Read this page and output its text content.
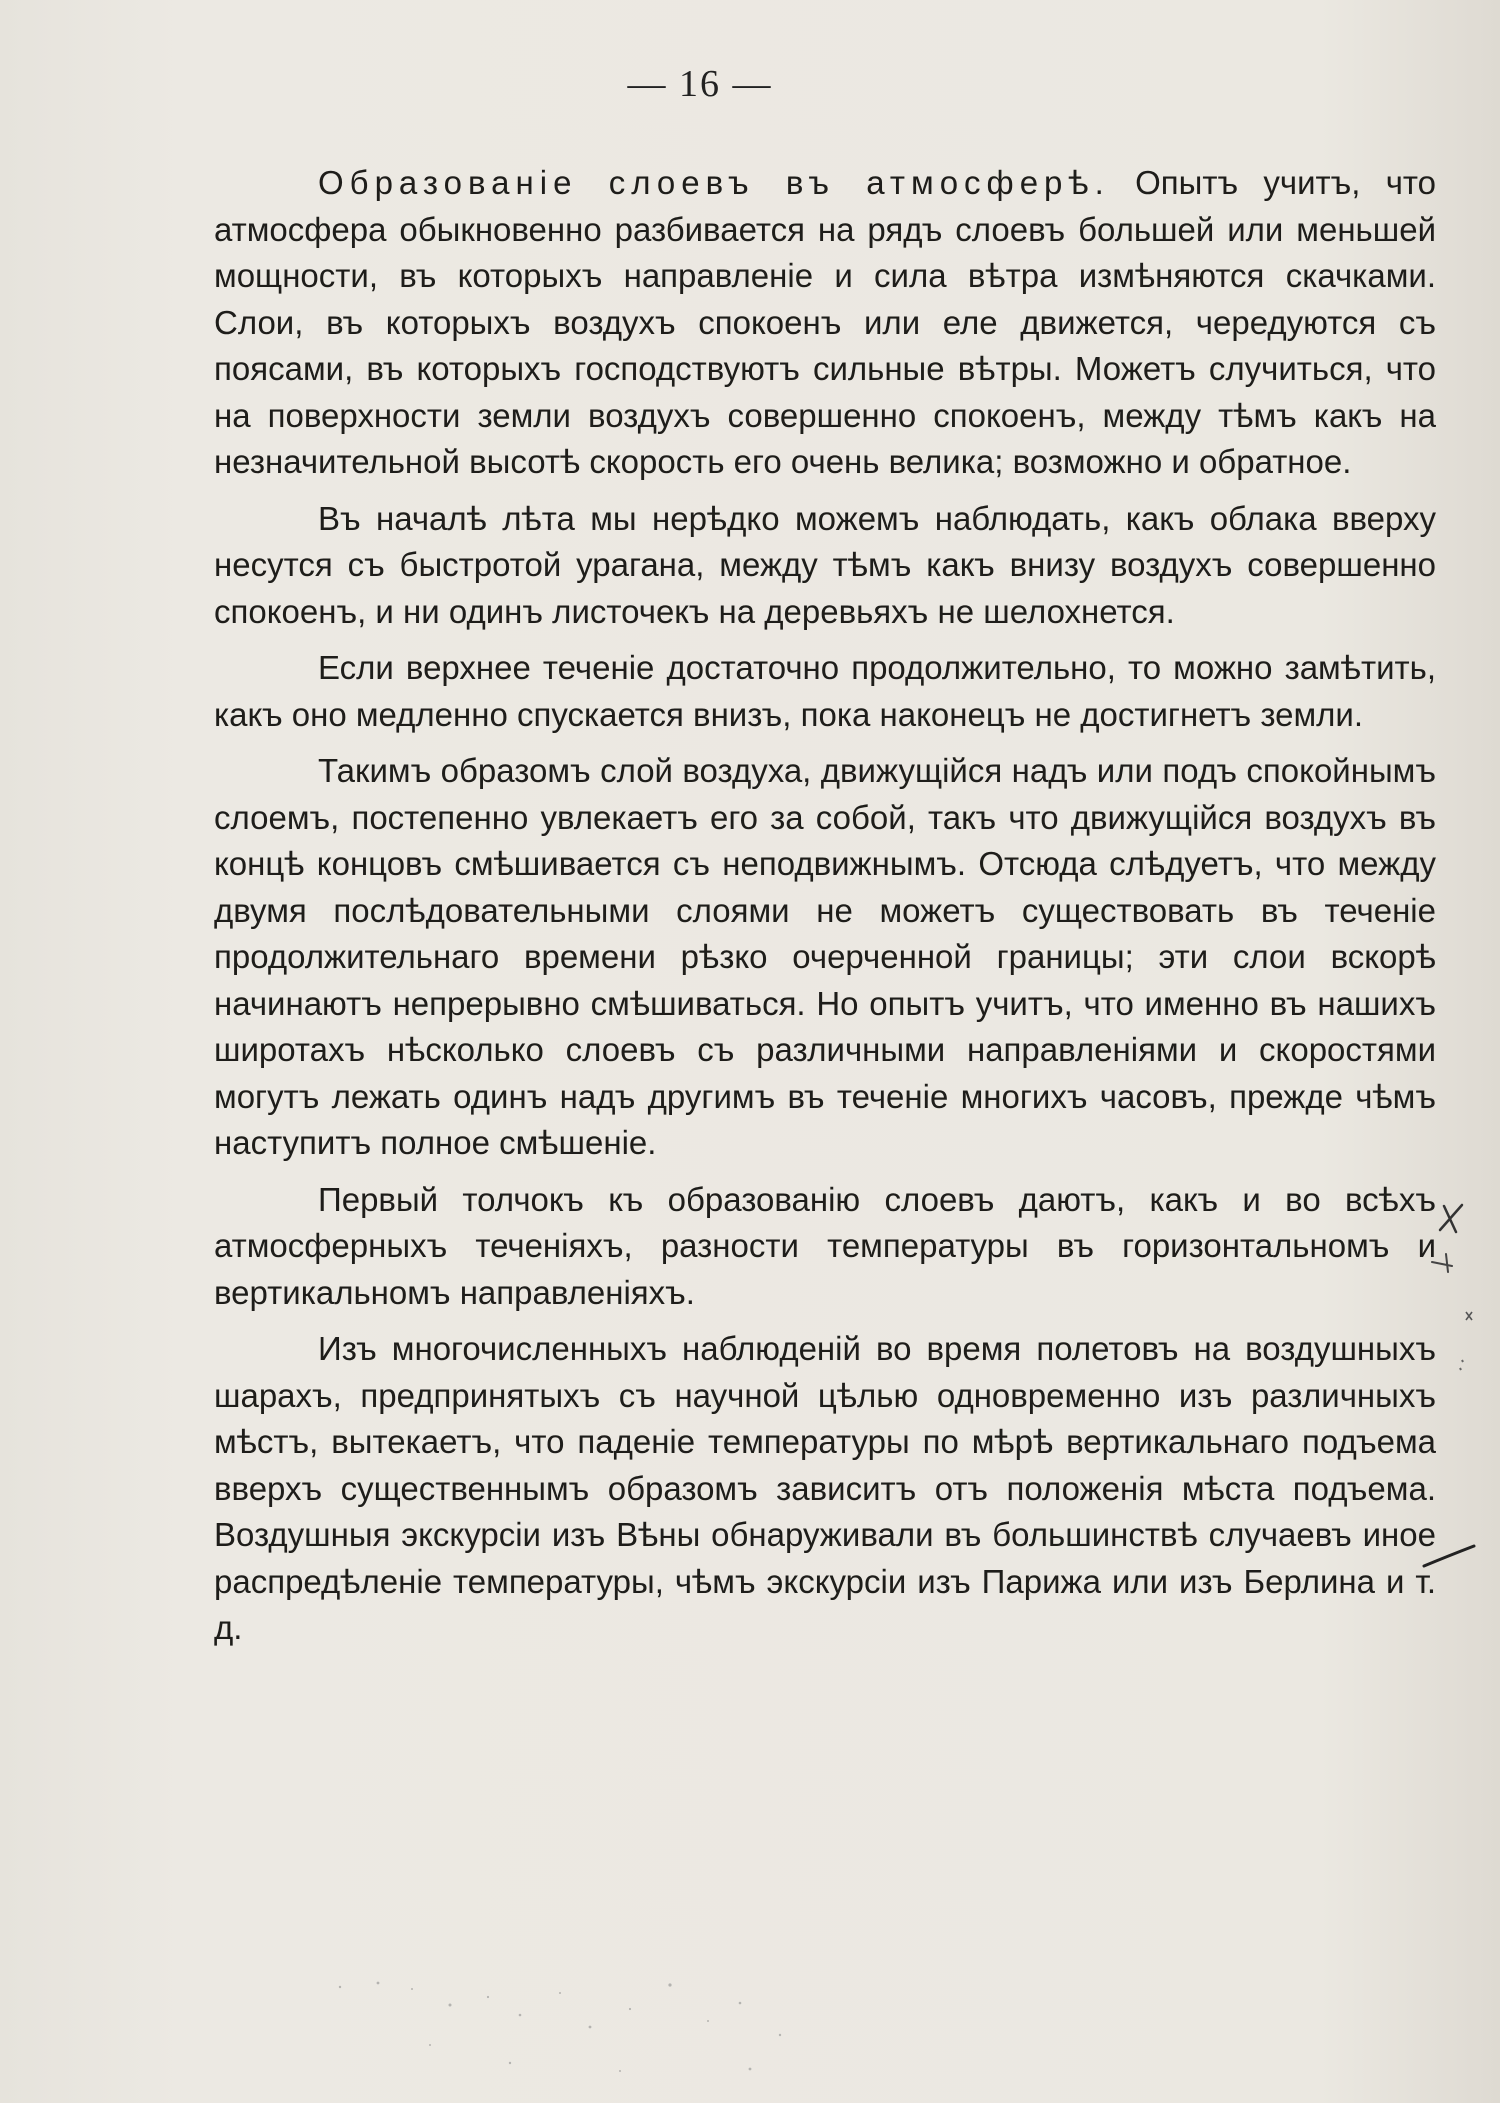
— 16 —

Образованіе слоевъ въ атмосферѣ. Опытъ учитъ, что атмосфера обыкновенно разбивается на рядъ слоевъ большей или меньшей мощности, въ которыхъ направленіе и сила вѣтра измѣняются скачками. Слои, въ которыхъ воздухъ спокоенъ или еле движется, чередуются съ поясами, въ которыхъ господствуютъ сильные вѣтры. Можетъ случиться, что на поверхности земли воздухъ совершенно спокоенъ, между тѣмъ какъ на незначительной высотѣ скорость его очень велика; возможно и обратное.

Въ началѣ лѣта мы нерѣдко можемъ наблюдать, какъ облака вверху несутся съ быстротой урагана, между тѣмъ какъ внизу воздухъ совершенно спокоенъ, и ни одинъ листочекъ на деревьяхъ не шелохнется.

Если верхнее теченіе достаточно продолжительно, то можно замѣтить, какъ оно медленно спускается внизъ, пока наконецъ не достигнетъ земли.

Такимъ образомъ слой воздуха, движущійся надъ или подъ спокойнымъ слоемъ, постепенно увлекаетъ его за собой, такъ что движущійся воздухъ въ концѣ концовъ смѣшивается съ неподвижнымъ. Отсюда слѣдуетъ, что между двумя послѣдовательными слоями не можетъ существовать въ теченіе продолжительнаго времени рѣзко очерченной границы; эти слои вскорѣ начинаютъ непрерывно смѣшиваться. Но опытъ учитъ, что именно въ нашихъ широтахъ нѣсколько слоевъ съ различными направленіями и скоростями могутъ лежать одинъ надъ другимъ въ теченіе многихъ часовъ, прежде чѣмъ наступитъ полное смѣшеніе.

Первый толчокъ къ образованію слоевъ даютъ, какъ и во всѣхъ атмосферныхъ теченіяхъ, разности температуры въ горизонтальномъ и вертикальномъ направленіяхъ.

Изъ многочисленныхъ наблюденій во время полетовъ на воздушныхъ шарахъ, предпринятыхъ съ научной цѣлью одновременно изъ различныхъ мѣстъ, вытекаетъ, что паденіе температуры по мѣрѣ вертикальнаго подъема вверхъ существеннымъ образомъ зависитъ отъ положенія мѣста подъема. Воздушныя экскурсіи изъ Вѣны обнаруживали въ большинствѣ случаевъ иное распредѣленіе температуры, чѣмъ экскурсіи изъ Парижа или изъ Берлина и т. д.
